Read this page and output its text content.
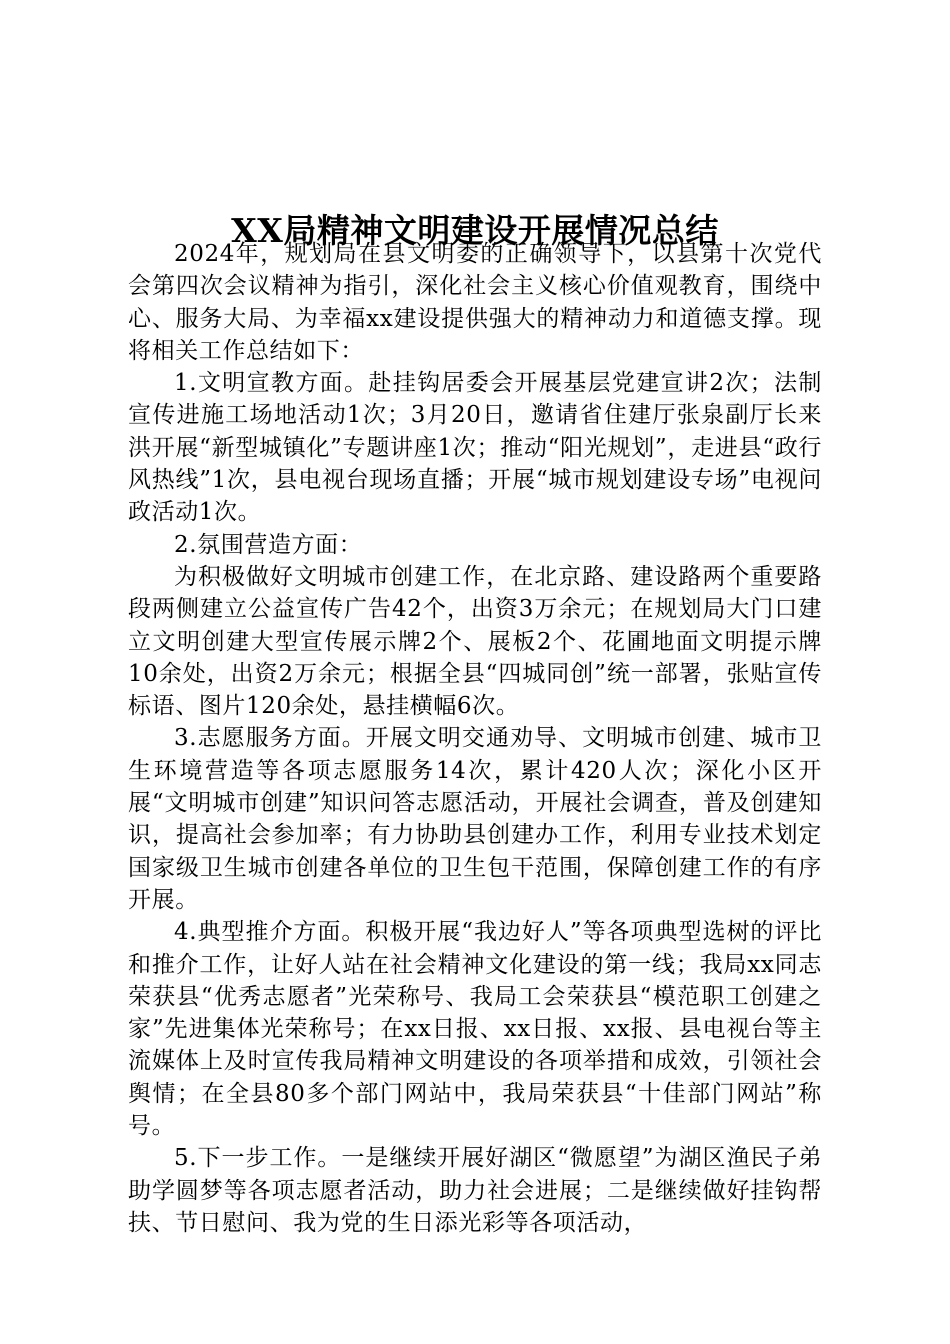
XX局精神文明建设开展情况总结

2024年，规划局在县文明委的正确领导下，以县第十次党代会第四次会议精神为指引，深化社会主义核心价值观教育，围绕中心、服务大局、为幸福xx建设提供强大的精神动力和道德支撑。现将相关工作总结如下：

1.文明宣教方面。赴挂钩居委会开展基层党建宣讲2次；法制宣传进施工场地活动1次；3月20日，邀请省住建厅张泉副厅长来洪开展“新型城镇化”专题讲座1次；推动“阳光规划”，走进县“政行风热线”1次，县电视台现场直播；开展“城市规划建设专场”电视问政活动1次。

2.氛围营造方面：

为积极做好文明城市创建工作，在北京路、建设路两个重要路段两侧建立公益宣传广告42个，出资3万余元；在规划局大门口建立文明创建大型宣传展示牌2个、展板2个、花圃地面文明提示牌10余处，出资2万余元；根据全县“四城同创”统一部署，张贴宣传标语、图片120余处，悬挂横幅6次。

3.志愿服务方面。开展文明交通劝导、文明城市创建、城市卫生环境营造等各项志愿服务14次，累计420人次；深化小区开展“文明城市创建”知识问答志愿活动，开展社会调查，普及创建知识，提高社会参加率；有力协助县创建办工作，利用专业技术划定国家级卫生城市创建各单位的卫生包干范围，保障创建工作的有序开展。

4.典型推介方面。积极开展“我边好人”等各项典型选树的评比和推介工作，让好人站在社会精神文化建设的第一线；我局xx同志荣获县“优秀志愿者”光荣称号、我局工会荣获县“模范职工创建之家”先进集体光荣称号；在xx日报、xx日报、xx报、县电视台等主流媒体上及时宣传我局精神文明建设的各项举措和成效，引领社会舆情；在全县80多个部门网站中，我局荣获县“十佳部门网站”称号。

5.下一步工作。一是继续开展好湖区“微愿望”为湖区渔民子弟助学圆梦等各项志愿者活动，助力社会进展；二是继续做好挂钩帮扶、节日慰问、我为党的生日添光彩等各项活动，
